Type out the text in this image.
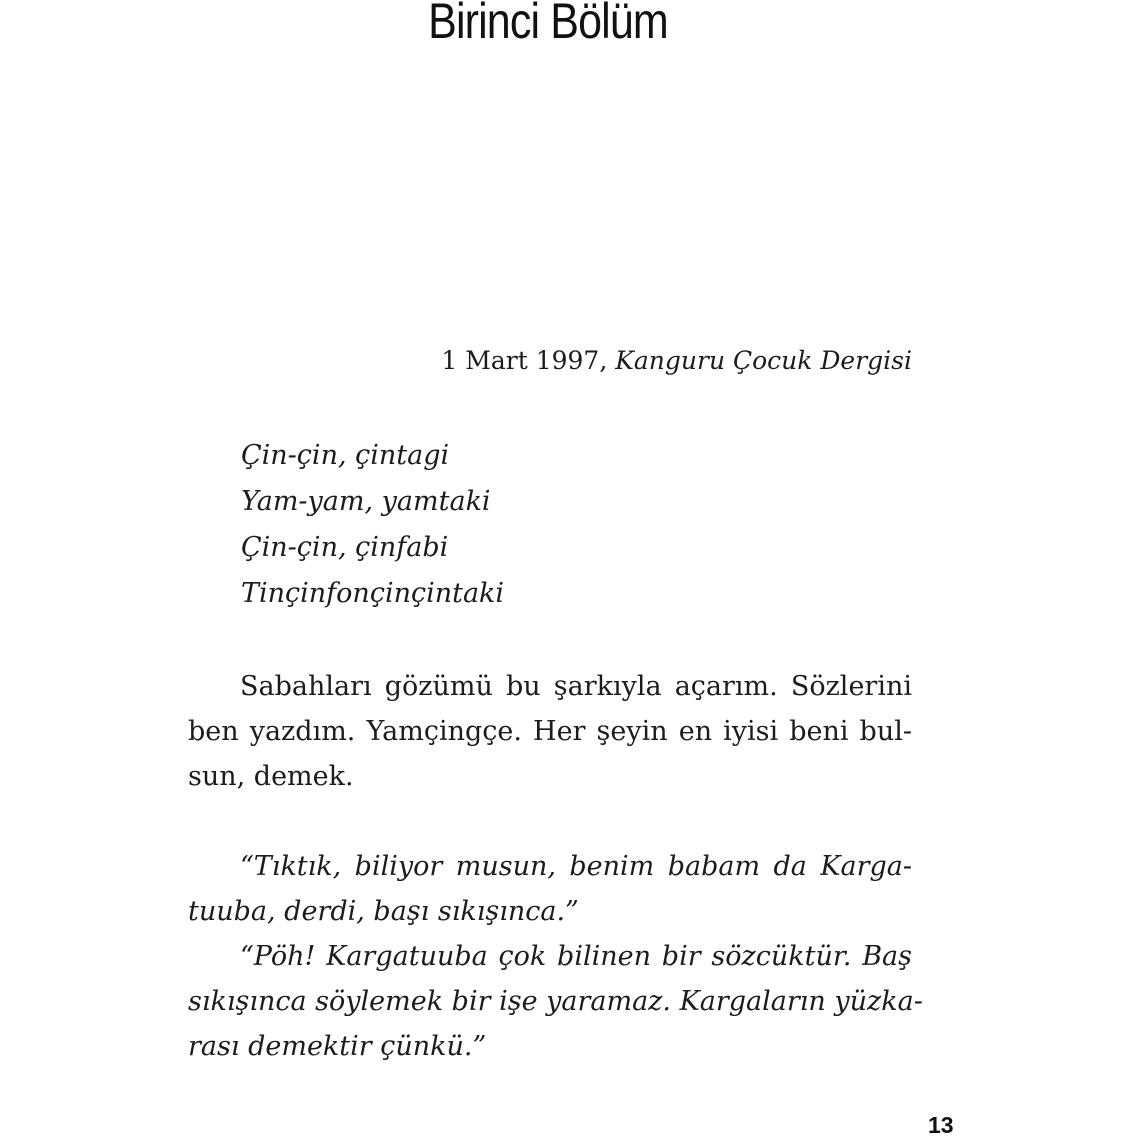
Birinci Bölüm

1 Mart 1997, Kanguru Çocuk Dergisi

Çin-çin, çintagi
Yam-yam, yamtaki
Çin-çin, çinfabi
Tinçinfonçinçintaki
Sabahları gözümü bu şarkıyla açarım. Sözlerini
ben yazdım. Yamçingçe. Her şeyin en iyisi beni bul-
sun, demek.
“Tıktık, biliyor musun, benim babam da Karga-
tuuba, derdi, başı sıkışınca.”
“Pöh! Kargatuuba çok bilinen bir sözcüktür. Baş
sıkışınca söylemek bir işe yaramaz. Kargaların yüzka-
rası demektir çünkü.”

13
